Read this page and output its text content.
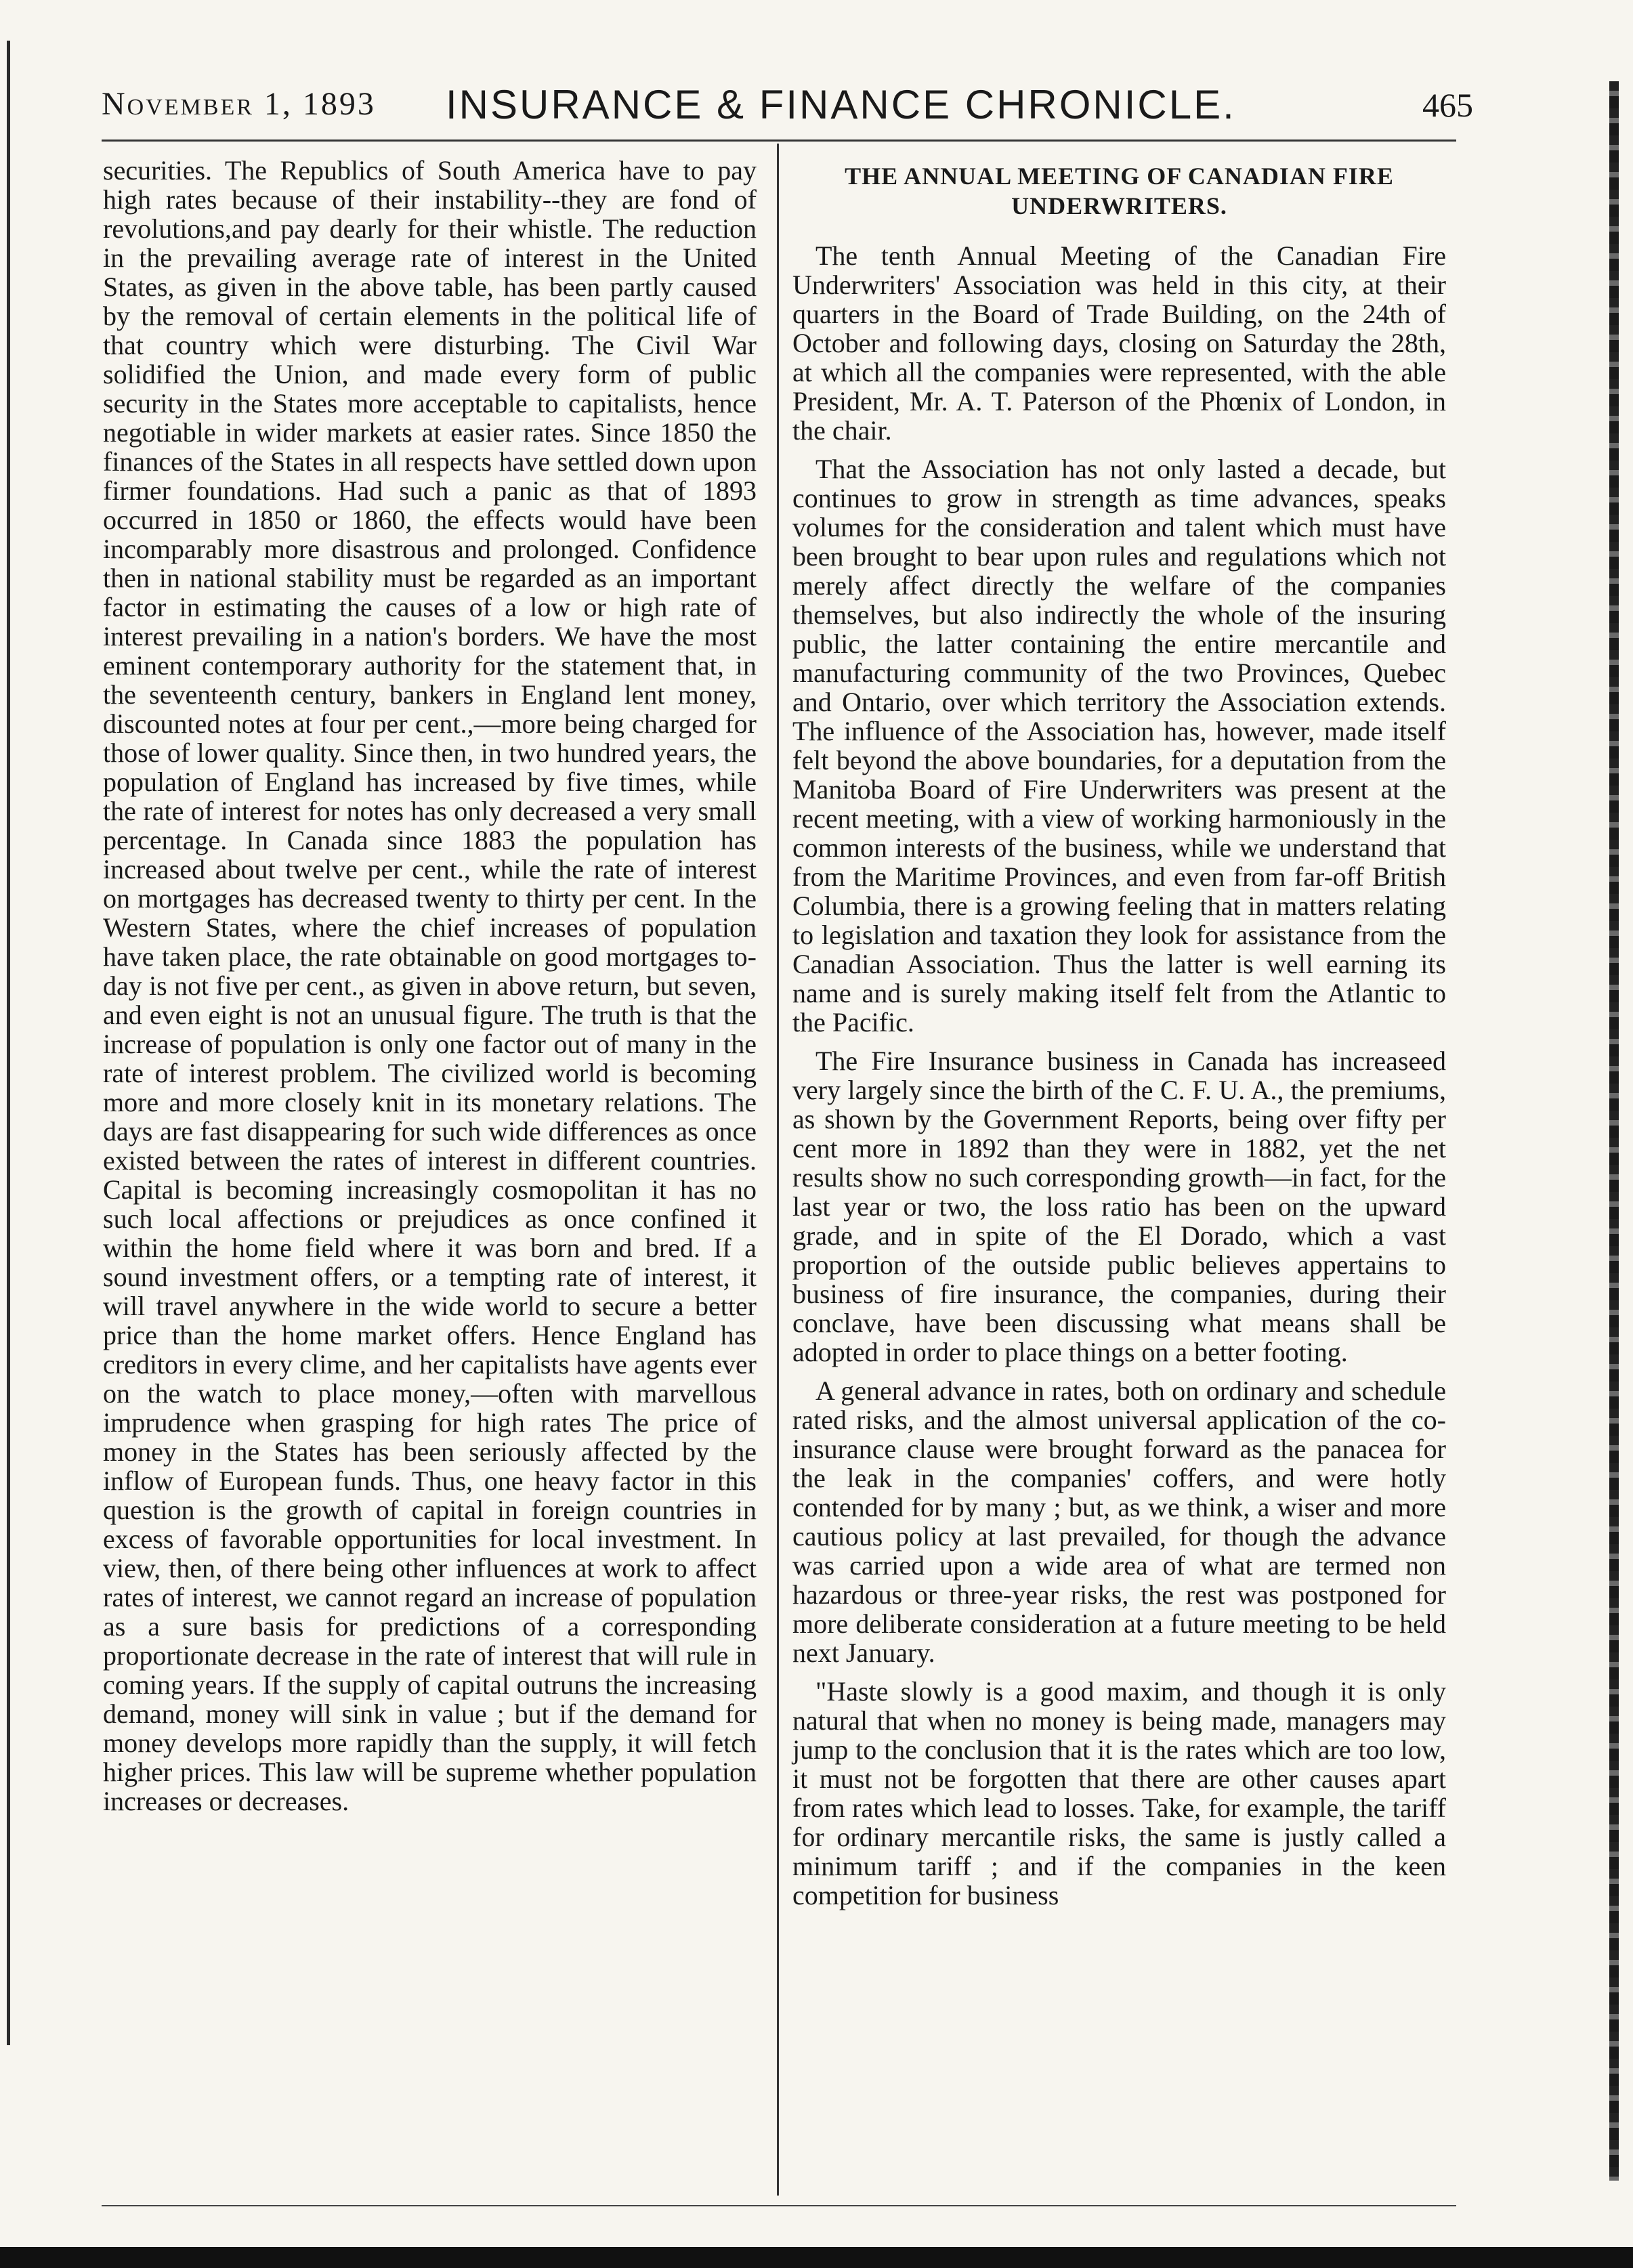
November 1, 1893 INSURANCE & FINANCE CHRONICLE.	465

securities. The Republics of South America have to pay high rates because of their instability--they are fond of revolutions,and pay dearly for their whistle. The reduction in the prevailing average rate of interest in the United States, as given in the above table, has been partly caused by the removal of certain elements in the political life of that country which were disturbing. The Civil War solidified the Union, and made every form of public security in the States more acceptable to capitalists, hence negotiable in wider markets at easier rates. Since 1850 the finances of the States in all respects have settled down upon firmer foundations. Had such a panic as that of 1893 occurred in 1850 or 1860, the effects would have been incomparably more disastrous and prolonged. Confidence then in national stability must be regarded as an important factor in estimating the causes of a low or high rate of interest prevailing in a nation's borders. We have the most eminent contemporary authority for the statement that, in the seventeenth century, bankers in England lent money, discounted notes at four per cent.,—more being charged for those of lower quality. Since then, in two hundred years, the population of England has increased by five times, while the rate of interest for notes has only decreased a very small percentage. In Canada since 1883 the population has increased about twelve per cent., while the rate of interest on mortgages has decreased twenty to thirty per cent. In the Western States, where the chief increases of population have taken place, the rate obtainable on good mortgages to-day is not five per cent., as given in above return, but seven, and even eight is not an unusual figure. The truth is that the increase of population is only one factor out of many in the rate of interest problem. The civilized world is becoming more and more closely knit in its monetary relations. The days are fast disappearing for such wide differences as once existed between the rates of interest in different countries. Capital is becoming increasingly cosmopolitan it has no such local affections or prejudices as once confined it within the home field where it was born and bred. If a sound investment offers, or a tempting rate of interest, it will travel anywhere in the wide world to secure a better price than the home market offers. Hence England has creditors in every clime, and her capitalists have agents ever on the watch to place money,—often with marvellous imprudence when grasping for high rates The price of money in the States has been seriously affected by the inflow of European funds. Thus, one heavy factor in this question is the growth of capital in foreign countries in excess of favorable opportunities for local investment. In view, then, of there being other influences at work to affect rates of interest, we cannot regard an increase of population as a sure basis for predictions of a corresponding proportionate decrease in the rate of interest that will rule in coming years. If the supply of capital outruns the increasing demand, money will sink in value ; but if the demand for money develops more rapidly than the supply, it will fetch higher prices. This law will be supreme whether population increases or decreases.

THE ANNUAL MEETING OF CANADIAN FIRE UNDERWRITERS.

The tenth Annual Meeting of the Canadian Fire Underwriters' Association was held in this city, at their quarters in the Board of Trade Building, on the 24th of October and following days, closing on Saturday the 28th, at which all the companies were represented, with the able President, Mr. A. T. Paterson of the Phœnix of London, in the chair.

That the Association has not only lasted a decade, but continues to grow in strength as time advances, speaks volumes for the consideration and talent which must have been brought to bear upon rules and regulations which not merely affect directly the welfare of the companies themselves, but also indirectly the whole of the insuring public, the latter containing the entire mercantile and manufacturing community of the two Provinces, Quebec and Ontario, over which territory the Association extends. The influence of the Association has, however, made itself felt beyond the above boundaries, for a deputation from the Manitoba Board of Fire Underwriters was present at the recent meeting, with a view of working harmoniously in the common interests of the business, while we understand that from the Maritime Provinces, and even from far-off British Columbia, there is a growing feeling that in matters relating to legislation and taxation they look for assistance from the Canadian Association. Thus the latter is well earning its name and is surely making itself felt from the Atlantic to the Pacific.

The Fire Insurance business in Canada has increaseed very largely since the birth of the C. F. U. A., the premiums, as shown by the Government Reports, being over fifty per cent more in 1892 than they were in 1882, yet the net results show no such corresponding growth—in fact, for the last year or two, the loss ratio has been on the upward grade, and in spite of the El Dorado, which a vast proportion of the outside public believes appertains to business of fire insurance, the companies, during their conclave, have been discussing what means shall be adopted in order to place things on a better footing.

A general advance in rates, both on ordinary and schedule rated risks, and the almost universal application of the co-insurance clause were brought forward as the panacea for the leak in the companies' coffers, and were hotly contended for by many ; but, as we think, a wiser and more cautious policy at last prevailed, for though the advance was carried upon a wide area of what are termed non hazardous or three-year risks, the rest was postponed for more deliberate consideration at a future meeting to be held next January.

"Haste slowly is a good maxim, and though it is only natural that when no money is being made, managers may jump to the conclusion that it is the rates which are too low, it must not be forgotten that there are other causes apart from rates which lead to losses. Take, for example, the tariff for ordinary mercantile risks, the same is justly called a minimum tariff ; and if the companies in the keen competition for business
